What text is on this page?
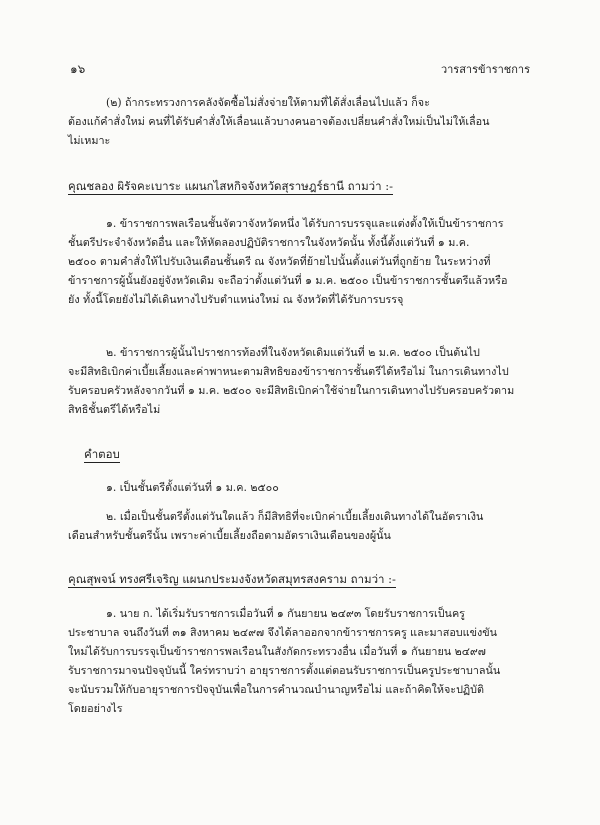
๑๖	วารสารข้าราชการ

(๒) ถ้ากระทรวงการคลังจัดซื้อไม่สั่งจ่ายให้ตามที่ได้สั่งเลื่อนไปแล้ว ก็จะ

ต้องแก้คำสั่งใหม่ คนที่ได้รับคำสั่งให้เลื่อนแล้วบางคนอาจต้องเปลี่ยนคำสั่งใหม่เป็นไม่ให้เลื่อน

ไม่เหมาะ

คุณชลอง ผิรัจคะเบาระ แผนกไสหกิจจังหวัดสุราษฎร์ธานี ถามว่า :-

๑. ข้าราชการพลเรือนชั้นจัตวาจังหวัดหนึ่ง ได้รับการบรรจุและแต่งตั้งให้เป็นข้าราชการ

ชั้นตรีประจำจังหวัดอื่น และให้หัดลองปฏิบัติราชการในจังหวัดนั้น ทั้งนี้ตั้งแต่วันที่ ๑ ม.ค.

๒๕๐๐ ตามคำสั่งให้ไปรับเงินเดือนชั้นตรี ณ จังหวัดที่ย้ายไปนั้นตั้งแต่วันที่ถูกย้าย ในระหว่างที่

ข้าราชการผู้นั้นยังอยู่จังหวัดเดิม จะถือว่าตั้งแต่วันที่ ๑ ม.ค. ๒๕๐๐ เป็นข้าราชการชั้นตรีแล้วหรือ

ยัง ทั้งนี้โดยยังไม่ได้เดินทางไปรับตำแหน่งใหม่ ณ จังหวัดที่ได้รับการบรรจุ

๒. ข้าราชการผู้นั้นไปราชการท้องที่ในจังหวัดเดิมแต่วันที่ ๒ ม.ค. ๒๕๐๐ เป็นต้นไป

จะมีสิทธิเบิกค่าเบี้ยเลี้ยงและค่าพาหนะตามสิทธิของข้าราชการชั้นตรีได้หรือไม่ ในการเดินทางไป

รับครอบครัวหลังจากวันที่ ๑ ม.ค. ๒๕๐๐ จะมีสิทธิเบิกค่าใช้จ่ายในการเดินทางไปรับครอบครัวตาม

สิทธิชั้นตรีได้หรือไม่

คำตอบ

๑. เป็นชั้นตรีตั้งแต่วันที่ ๑ ม.ค. ๒๕๐๐

๒. เมื่อเป็นชั้นตรีตั้งแต่วันใดแล้ว ก็มีสิทธิที่จะเบิกค่าเบี้ยเลี้ยงเดินทางได้ในอัตราเงิน

เดือนสำหรับชั้นตรีนั้น เพราะค่าเบี้ยเลี้ยงถือตามอัตราเงินเดือนของผู้นั้น

คุณสุพจน์ ทรงศรีเจริญ แผนกประมงจังหวัดสมุทรสงคราม ถามว่า :-

๑. นาย ก. ได้เริ่มรับราชการเมื่อวันที่ ๑ กันยายน ๒๔๙๓ โดยรับราชการเป็นครู

ประชาบาล จนถึงวันที่ ๓๑ สิงหาคม ๒๔๙๗ จึงได้ลาออกจากข้าราชการครู และมาสอบแข่งขัน

ใหม่ได้รับการบรรจุเป็นข้าราชการพลเรือนในสังกัดกระทรวงอื่น เมื่อวันที่ ๑ กันยายน ๒๔๙๗

รับราชการมาจนปัจจุบันนี้ ใคร่ทราบว่า อายุราชการตั้งแต่ตอนรับราชการเป็นครูประชาบาลนั้น

จะนับรวมให้กับอายุราชการปัจจุบันเพื่อในการคำนวณบำนาญหรือไม่ และถ้าคิดให้จะปฏิบัติ

โดยอย่างไร
